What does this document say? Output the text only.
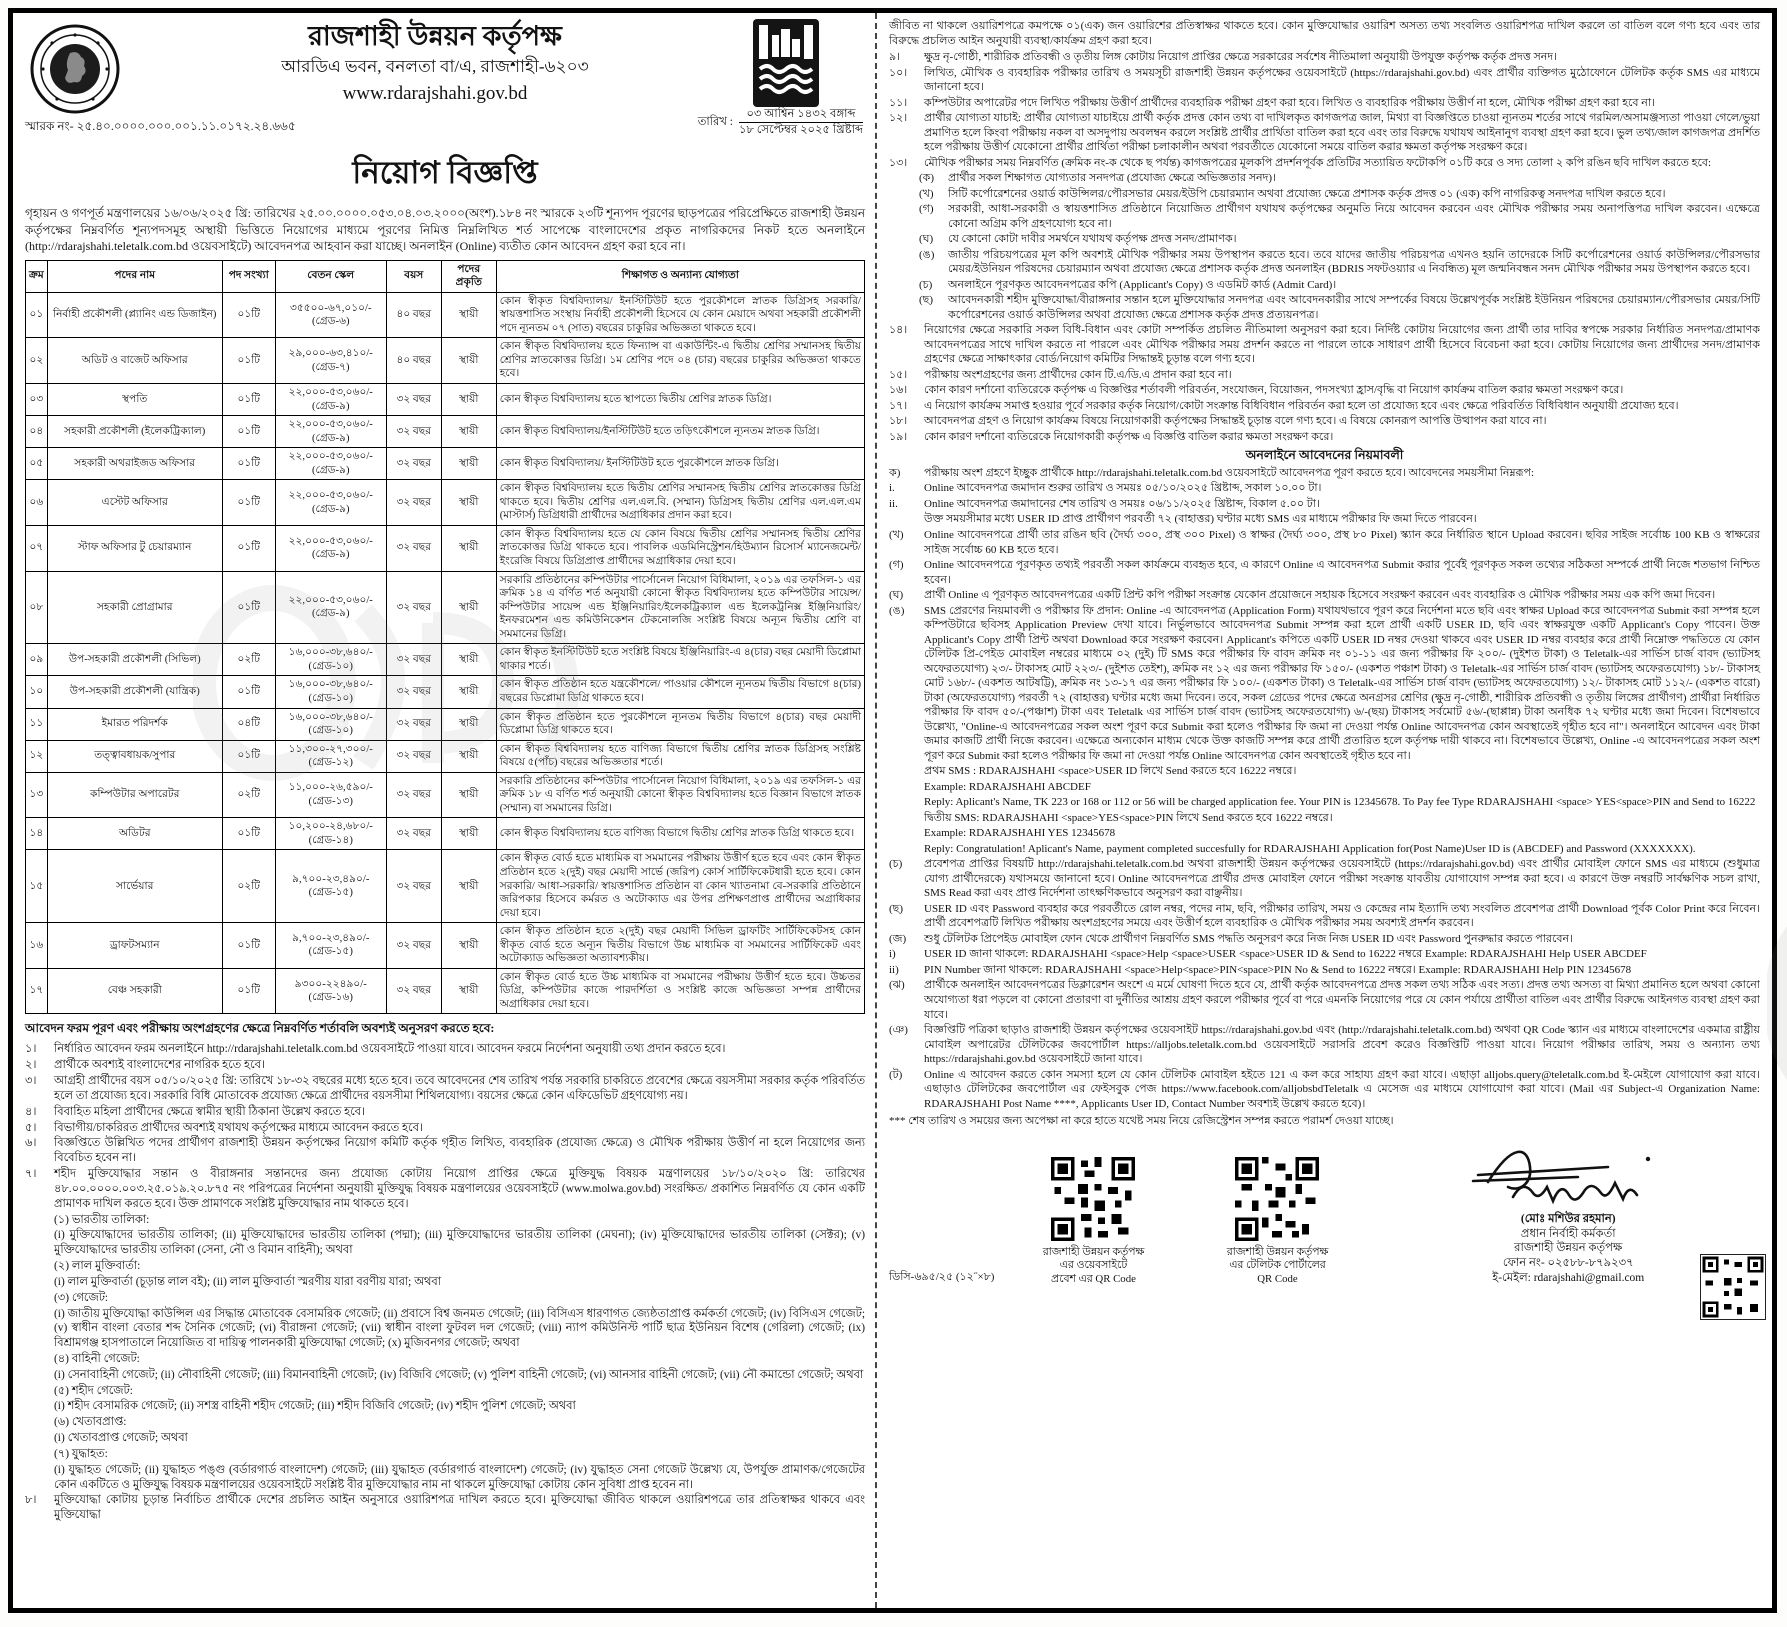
রাজশাহী উন্নয়ন কর্তৃপক্ষ
আরডিএ ভবন, বনলতা বা/এ, রাজশাহী-৬২০৩
www.rdarajshahi.gov.bd
স্মারক নং- ২৫.৪০.০০০০.০০০.০০১.১১.০১৭২.২৪.৬৬৫	তারিখ : $\frac{\text{০৩ আশ্বিন ১৪৩২ বঙ্গাব্দ}}{\text{১৮ সেপ্টেম্বর ২০২৫ খ্রিষ্টাব্দ}}$
নিয়োগ বিজ্ঞপ্তি
গৃহায়ন ও গণপূর্ত মন্ত্রণালয়ের ১৬/০৬/২০২৫ খ্রি: তারিখের ২৫.০০.০০০০.০৫৩.০৪.০৩.২০০০(অংশ).১৮৪ নং স্মারকে ২৩টি শূন্যপদ পূরণের ছাড়পত্রের পরিপ্রেক্ষিতে রাজশাহী উন্নয়ন কর্তৃপক্ষের নিম্নবর্ণিত শূন্যপদসমূহ অস্থায়ী ভিত্তিতে নিয়োগের মাধ্যমে পূরণের নিমিত্ত নিম্নলিখিত শর্ত সাপেক্ষে বাংলাদেশের প্রকৃত নাগরিকদের নিকট হতে অনলাইনে (http://rdarajshahi.teletalk.com.bd ওয়েবসাইটে) আবেদনপত্র আহবান করা যাচ্ছে। অনলাইন (Online) ব্যতীত কোন আবেদন গ্রহণ করা হবে না।
ক্রম	পদের নাম	পদ সংখ্যা	বেতন স্কেল	বয়স	পদের প্রকৃতি	শিক্ষাগত ও অন্যান্য যোগ্যতা
০১	নির্বাহী প্রকৌশলী (প্ল্যানিং এন্ড ডিজাইন)	০১টি	৩৫৫০০-৬৭,০১০/- (গ্রেড-৬)	৪০ বছর	স্থায়ী	কোন স্বীকৃত বিশ্ববিদ্যালয়/ ইনস্টিটিউট হতে পুরকৌশলে স্নাতক ডিগ্রিসহ সরকারি/ স্বায়ত্তশাসিত সংস্থায় নির্বাহী প্রকৌশলী হিসেবে যে কোন মেয়াদে অথবা সহকারী প্রকৌশলী পদে ন্যূনতম ০৭ (সাত) বছরের চাকুরির অভিজ্ঞতা থাকতে হবে।
০২	অডিট ও বাজেট অফিসার	০১টি	২৯,০০০-৬৩,৪১০/- (গ্রেড-৭)	৪০ বছর	স্থায়ী	কোন স্বীকৃত বিশ্ববিদ্যালয় হতে ফিন্যান্স বা একাউন্টিং-এ দ্বিতীয় শ্রেণির সম্মানসহ দ্বিতীয় শ্রেণির স্নাতকোত্তর ডিগ্রি। ১ম শ্রেণির পদে ০৪ (চার) বছরের চাকুরির অভিজ্ঞতা থাকতে হবে।
০৩	স্থপতি	০১টি	২২,০০০-৫৩,০৬০/- (গ্রেড-৯)	৩২ বছর	স্থায়ী	কোন স্বীকৃত বিশ্ববিদ্যালয় হতে স্থাপত্যে দ্বিতীয় শ্রেণির স্নাতক ডিগ্রি।
০৪	সহকারী প্রকৌশলী (ইলেকট্রিক্যাল)	০১টি	২২,০০০-৫৩,০৬০/- (গ্রেড-৯)	৩২ বছর	স্থায়ী	কোন স্বীকৃত বিশ্ববিদ্যালয়/ইনস্টিটিউট হতে তড়িৎকৌশলে ন্যূনতম স্নাতক ডিগ্রি।
০৫	সহকারী অথরাইজড অফিসার	০১টি	২২,০০০-৫৩,০৬০/- (গ্রেড-৯)	৩২ বছর	স্থায়ী	কোন স্বীকৃত বিশ্ববিদ্যালয়/ ইনস্টিটিউট হতে পুরকৌশলে স্নাতক ডিগ্রি।
০৬	এস্টেট অফিসার	০১টি	২২,০০০-৫৩,০৬০/- (গ্রেড-৯)	৩২ বছর	স্থায়ী	কোন স্বীকৃত বিশ্ববিদ্যালয় হতে দ্বিতীয় শ্রেণির সম্মানসহ দ্বিতীয় শ্রেণির স্নাতকোত্তর ডিগ্রি থাকতে হবে। দ্বিতীয় শ্রেণির এল.এল.বি. (সম্মান) ডিগ্রিসহ দ্বিতীয় শ্রেণির এল.এল.এম (মাস্টার্স) ডিগ্রিধারী প্রার্থীদের অগ্রাধিকার প্রদান করা হবে।
০৭	স্টাফ অফিসার টু চেয়ারম্যান	০১টি	২২,০০০-৫৩,০৬০/- (গ্রেড-৯)	৩২ বছর	স্থায়ী	কোন স্বীকৃত বিশ্ববিদ্যালয় হতে যে কোন বিষয়ে দ্বিতীয় শ্রেণির সম্মানসহ দ্বিতীয় শ্রেণির স্নাতকোত্তর ডিগ্রি থাকতে হবে। পাবলিক এডমিনিস্ট্রেশন/হিউম্যান রিসোর্স ম্যানেজমেন্ট/ইংরেজি বিষয়ে ডিগ্রিপ্রাপ্ত প্রার্থীদের অগ্রাধিকার দেয়া হবে।
০৮	সহকারী প্রোগ্রামার	০১টি	২২,০০০-৫৩,০৬০/- (গ্রেড-৯)	৩২ বছর	স্থায়ী	সরকারি প্রতিষ্ঠানের কম্পিউটার পার্সোনেল নিয়োগ বিধিমালা, ২০১৯ এর তফসিল-১ এর ক্রমিক ১৪ এ বর্ণিত শর্ত অনুযায়ী কোনো স্বীকৃত বিশ্ববিদ্যালয় হতে কম্পিউটার সায়েন্স/কম্পিউটার সায়েন্স এন্ড ইঞ্জিনিয়ারিং/ইলেকট্রিক্যাল এন্ড ইলেকট্রনিক্স ইঞ্জিনিয়ারিং/ ইনফরমেশন এন্ড কমিউনিকেশন টেকনোলজি সংশ্লিষ্ট বিষয়ে অন্যূন দ্বিতীয় শ্রেণি বা সমমানের ডিগ্রি।
০৯	উপ-সহকারী প্রকৌশলী (সিভিল)	০২টি	১৬,০০০-৩৮,৬৪০/- (গ্রেড-১০)	৩২ বছর	স্থায়ী	কোন স্বীকৃত ইনস্টিটিউট হতে সংশ্লিষ্ট বিষয়ে ইঞ্জিনিয়ারিং-এ ৪(চার) বছর মেয়াদী ডিপ্লোমা থাকার শর্তে।
১০	উপ-সহকারী প্রকৌশলী (যান্ত্রিক)	০১টি	১৬,০০০-৩৮,৬৪০/- (গ্রেড-১০)	৩২ বছর	স্থায়ী	কোন স্বীকৃত প্রতিষ্ঠান হতে যন্ত্রকৌশলে/ পাওয়ার কৌশলে ন্যূনতম দ্বিতীয় বিভাগে ৪(চার) বছরের ডিপ্লোমা ডিগ্রি থাকতে হবে।
১১	ইমারত পরিদর্শক	০৪টি	১৬,০০০-৩৮,৬৪০/- (গ্রেড-১০)	৩২ বছর	স্থায়ী	কোন স্বীকৃত প্রতিষ্ঠান হতে পুরকৌশলে ন্যূনতম দ্বিতীয় বিভাগে ৪(চার) বছর মেয়াদী ডিপ্লোমা ডিগ্রি থাকতে হবে।
১২	তত্ত্বাবধায়ক/সুপার	০১টি	১১,৩০০-২৭,৩০০/- (গ্রেড-১২)	৩২ বছর	স্থায়ী	কোন স্বীকৃত বিশ্ববিদ্যালয় হতে বাণিজ্য বিভাগে দ্বিতীয় শ্রেণির স্নাতক ডিগ্রিসহ সংশ্লিষ্ট বিষয়ে ৫(পাঁচ) বছরের অভিজ্ঞতার শর্তে।
১৩	কম্পিউটার অপারেটর	০২টি	১১,০০০-২৬,৫৯০/- (গ্রেড-১৩)	৩২ বছর	স্থায়ী	সরকারি প্রতিষ্ঠানের কম্পিউটার পার্সোনেল নিয়োগ বিধিমালা, ২০১৯ এর তফসিল-১ এর ক্রমিক ১৮ এ বর্ণিত শর্ত অনুযায়ী কোনো স্বীকৃত বিশ্ববিদ্যালয় হতে বিজ্ঞান বিভাগে স্নাতক (সম্মান) বা সমমানের ডিগ্রি।
১৪	অডিটর	০১টি	১০,২০০-২৪,৬৮০/- (গ্রেড-১৪)	৩২ বছর	স্থায়ী	কোন স্বীকৃত বিশ্ববিদ্যালয় হতে বাণিজ্য বিভাগে দ্বিতীয় শ্রেণির স্নাতক ডিগ্রি থাকতে হবে।
১৫	সার্ভেয়ার	০২টি	৯,৭০০-২৩,৪৯০/- (গ্রেড-১৫)	৩২ বছর	স্থায়ী	কোন স্বীকৃত বোর্ড হতে মাধ্যমিক বা সমমানের পরীক্ষায় উত্তীর্ণ হতে হবে এবং কোন স্বীকৃত প্রতিষ্ঠান হতে ২(দুই) বছর মেয়াদী সার্ভে (জরিপ) কোর্স সার্টিফিকেটধারী হতে হবে। কোন সরকারি/ আধা-সরকারি/ স্বায়ত্তশাসিত প্রতিষ্ঠান বা কোন খ্যাতনামা বে-সরকারি প্রতিষ্ঠানে জরিপকার হিসেবে কর্মরত ও অটোক্যাড এর উপর প্রশিক্ষণপ্রাপ্ত প্রার্থীদের অগ্রাধিকার দেয়া হবে।
১৬	ড্রাফটসম্যান	০১টি	৯,৭০০-২৩,৪৯০/- (গ্রেড-১৫)	৩২ বছর	স্থায়ী	কোন স্বীকৃত প্রতিষ্ঠান হতে ২(দুই) বছর মেয়াদী সিভিল ড্রাফটিং সার্টিফিকেটসহ কোন স্বীকৃত বোর্ড হতে অন্যূন দ্বিতীয় বিভাগে উচ্চ মাধ্যমিক বা সমমানের সার্টিফিকেট এবং অটোক্যাড অভিজ্ঞতা অত্যাবশ্যকীয়।
১৭	বেঞ্চ সহকারী	০১টি	৯৩০০-২২৪৯০/- (গ্রেড-১৬)	৩২ বছর	স্থায়ী	কোন স্বীকৃত বোর্ড হতে উচ্চ মাধ্যমিক বা সমমানের পরীক্ষায় উত্তীর্ণ হতে হবে। উচ্চতর ডিগ্রি, কম্পিউটার কাজে পারদর্শিতা ও সংশ্লিষ্ট কাজে অভিজ্ঞতা সম্পন্ন প্রার্থীদের অগ্রাধিকার দেয়া হবে।
আবেদন ফরম পূরণ এবং পরীক্ষায় অংশগ্রহণের ক্ষেত্রে নিম্নবর্ণিত শর্তাবলি অবশ্যই অনুসরণ করতে হবে:
১।	নির্ধারিত আবেদন ফরম অনলাইনে http://rdarajshahi.teletalk.com.bd ওয়েবসাইটে পাওয়া যাবে। আবেদন ফরমে নির্দেশনা অনুযায়ী তথ্য প্রদান করতে হবে।
২।	প্রার্থীকে অবশ্যই বাংলাদেশের নাগরিক হতে হবে।
৩।	আগ্রহী প্রার্থীদের বয়স ০৫/১০/২০২৫ খ্রি: তারিখে ১৮-৩২ বছরের মধ্যে হতে হবে। তবে আবেদনের শেষ তারিখ পর্যন্ত সরকারি চাকরিতে প্রবেশের ক্ষেত্রে বয়সসীমা সরকার কর্তৃক পরিবর্তিত হলে তা প্রযোজ্য হবে। সরকারি বিধি মোতাবেক প্রযোজ্য ক্ষেত্রে প্রার্থীদের বয়সসীমা শিথিলযোগ্য। বয়সের ক্ষেত্রে কোন এফিডেভিট গ্রহণযোগ্য নয়।
৪।	বিবাহিত মহিলা প্রার্থীদের ক্ষেত্রে স্বামীর স্থায়ী ঠিকানা উল্লেখ করতে হবে।
৫।	বিভাগীয়/চাকরিরত প্রার্থীদের অবশ্যই যথাযথ কর্তৃপক্ষের মাধ্যমে আবেদন করতে হবে।
৬।	বিজ্ঞপ্তিতে উল্লিখিত পদের প্রার্থীগণ রাজশাহী উন্নয়ন কর্তৃপক্ষের নিয়োগ কমিটি কর্তৃক গৃহীত লিখিত, ব্যবহারিক (প্রযোজ্য ক্ষেত্রে) ও মৌখিক পরীক্ষায় উত্তীর্ণ না হলে নিয়োগের জন্য বিবেচিত হবেন না।
৭।	শহীদ মুক্তিযোদ্ধার সন্তান ও বীরাঙ্গনার সন্তানদের জন্য প্রযোজ্য কোটায় নিয়োগ প্রাপ্তির ক্ষেত্রে মুক্তিযুদ্ধ বিষয়ক মন্ত্রণালয়ের ১৮/১০/২০২০ খ্রি: তারিখের ৪৮.০০.০০০০.০০৩.২৫.০১৯.২০.৮৭৫ নং পরিপত্রের নির্দেশনা অনুযায়ী মুক্তিযুদ্ধ বিষয়ক মন্ত্রণালয়ের ওয়েবসাইটে (www.molwa.gov.bd) সংরক্ষিত/ প্রকাশিত নিম্নবর্ণিত যে কোন একটি প্রামাণক দাখিল করতে হবে। উক্ত প্রামাণকে সংশ্লিষ্ট মুক্তিযোদ্ধার নাম থাকতে হবে।
(১) ভারতীয় তালিকা:
(i) মুক্তিযোদ্ধাদের ভারতীয় তালিকা; (ii) মুক্তিযোদ্ধাদের ভারতীয় তালিকা (পদ্মা); (iii) মুক্তিযোদ্ধাদের ভারতীয় তালিকা (মেঘনা); (iv) মুক্তিযোদ্ধাদের ভারতীয় তালিকা (সেক্টর); (v) মুক্তিযোদ্ধাদের ভারতীয় তালিকা (সেনা, নৌ ও বিমান বাহিনী); অথবা
(২) লাল মুক্তিবার্তা:
(i) লাল মুক্তিবার্তা (চূড়ান্ত লাল বই); (ii) লাল মুক্তিবার্তা স্মরণীয় যারা বরণীয় যারা; অথবা
(৩) গেজেট:
(i) জাতীয় মুক্তিযোদ্ধা কাউন্সিল এর সিদ্ধান্ত মোতাবেক বেসামরিক গেজেট; (ii) প্রবাসে বিশ্ব জনমত গেজেট; (iii) বিসিএস ধারণাগত জ্যেষ্ঠতাপ্রাপ্ত কর্মকর্তা গেজেট; (iv) বিসিএস গেজেট; (v) স্বাধীন বাংলা বেতার শব্দ সৈনিক গেজেট; (vi) বীরাঙ্গনা গেজেট; (vii) স্বাধীন বাংলা ফুটবল দল গেজেট; (viii) ন্যাপ কমিউনিস্ট পার্টি ছাত্র ইউনিয়ন বিশেষ (গেরিলা) গেজেট; (ix) বিশ্রামগঞ্জ হাসপাতালে নিয়োজিত বা দায়িত্ব পালনকারী মুক্তিযোদ্ধা গেজেট; (x) মুজিবনগর গেজেট; অথবা
(৪) বাহিনী গেজেট:
(i) সেনাবাহিনী গেজেট; (ii) নৌবাহিনী গেজেট; (iii) বিমানবাহিনী গেজেট; (iv) বিজিবি গেজেট; (v) পুলিশ বাহিনী গেজেট; (vi) আনসার বাহিনী গেজেট; (vii) নৌ কমান্ডো গেজেট; অথবা
(৫) শহীদ গেজেট:
(i) শহীদ বেসামরিক গেজেট; (ii) সশস্ত্র বাহিনী শহীদ গেজেট; (iii) শহীদ বিজিবি গেজেট; (iv) শহীদ পুলিশ গেজেট; অথবা
(৬) খেতাবপ্রাপ্ত:
(i) খেতাবপ্রাপ্ত গেজেট; অথবা
(৭) যুদ্ধাহত:
(i) যুদ্ধাহত গেজেট; (ii) যুদ্ধাহত পঙ্গু (বর্ডারগার্ড বাংলাদেশ) গেজেট; (iii) যুদ্ধাহত (বর্ডারগার্ড বাংলাদেশ) গেজেট; (iv) যুদ্ধাহত সেনা গেজেট উল্লেখ্য যে, উপর্যুক্ত প্রামাণক/গেজেটের কোন একটিতে ও মুক্তিযুদ্ধ বিষয়ক মন্ত্রণালয়ের ওয়েবসাইটে সংশ্লিষ্ট বীর মুক্তিযোদ্ধার নাম না থাকলে মুক্তিযোদ্ধা কোটায় কোন সুবিধা প্রাপ্ত হবেন না।
৮।	মুক্তিযোদ্ধা কোটায় চূড়ান্ত নির্বাচিত প্রার্থীকে দেশের প্রচলিত আইন অনুসারে ওয়ারিশপত্র দাখিল করতে হবে। মুক্তিযোদ্ধা জীবিত থাকলে ওয়ারিশপত্রে তার প্রতিস্বাক্ষর থাকবে এবং মুক্তিযোদ্ধা
জীবিত না থাকলে ওয়ারিশপত্রে কমপক্ষে ০১(এক) জন ওয়ারিশের প্রতিস্বাক্ষর থাকতে হবে। কোন মুক্তিযোদ্ধার ওয়ারিশ অসত্য তথ্য সংবলিত ওয়ারিশপত্র দাখিল করলে তা বাতিল বলে গণ্য হবে এবং তার বিরুদ্ধে প্রচলিত আইন অনুযায়ী ব্যবস্থা/কার্যক্রম গ্রহণ করা হবে।
৯।	ক্ষুদ্র নৃ-গোষ্ঠী, শারীরিক প্রতিবন্ধী ও তৃতীয় লিঙ্গ কোটায় নিয়োগ প্রাপ্তির ক্ষেত্রে সরকারের সর্বশেষ নীতিমালা অনুযায়ী উপযুক্ত কর্তৃপক্ষ কর্তৃক প্রদত্ত সনদ।
১০।	লিখিত, মৌখিক ও ব্যবহারিক পরীক্ষার তারিখ ও সময়সূচী রাজশাহী উন্নয়ন কর্তৃপক্ষের ওয়েবসাইটে (https://rdarajshahi.gov.bd) এবং প্রার্থীর ব্যক্তিগত মুঠোফোনে টেলিটক কর্তৃক SMS এর মাধ্যমে জানানো হবে।
১১।	কম্পিউটার অপারেটর পদে লিখিত পরীক্ষায় উত্তীর্ণ প্রার্থীদের ব্যবহারিক পরীক্ষা গ্রহণ করা হবে। লিখিত ও ব্যবহারিক পরীক্ষায় উত্তীর্ণ না হলে, মৌখিক পরীক্ষা গ্রহণ করা হবে না।
১২।	প্রার্থীর যোগ্যতা যাচাই: প্রার্থীর যোগ্যতা যাচাইয়ে প্রার্থী কর্তৃক প্রদত্ত কোন তথ্য বা দাখিলকৃত কাগজপত্র জাল, মিথ্যা বা বিজ্ঞপ্তিতে চাওয়া ন্যূনতম শর্তের সাথে গরমিল/অসামঞ্জস্যতা পাওয়া গেলে/ভুয়া প্রমাণিত হলে কিংবা পরীক্ষায় নকল বা অসদুপায় অবলম্বন করলে সংশ্লিষ্ট প্রার্থীর প্রার্থিতা বাতিল করা হবে এবং তার বিরুদ্ধে যথাযথ আইনানুগ ব্যবস্থা গ্রহণ করা হবে। ভুল তথ্য/জাল কাগজপত্র প্রদর্শিত হলে পরীক্ষায় উত্তীর্ণ যেকোনো প্রার্থীর প্রার্থিতা পরীক্ষা চলাকালীন অথবা পরবর্তীতে যেকোনো সময়ে বাতিল করার ক্ষমতা কর্তৃপক্ষ সংরক্ষণ করে।
১৩।	মৌখিক পরীক্ষার সময় নিম্নবর্ণিত (ক্রমিক নং-ক থেকে ছ পর্যন্ত) কাগজপত্রের মূলকপি প্রদর্শনপূর্বক প্রতিটির সত্যায়িত ফটোকপি ০১টি করে ও সদ্য তোলা ২ কপি রঙিন ছবি দাখিল করতে হবে:
(ক)	প্রার্থীর সকল শিক্ষাগত যোগ্যতার সনদপত্র (প্রযোজ্য ক্ষেত্রে অভিজ্ঞতার সনদ)।
(খ)	সিটি কর্পোরেশনের ওয়ার্ড কাউন্সিলর/পৌরসভার মেয়র/ইউপি চেয়ারম্যান অথবা প্রযোজ্য ক্ষেত্রে প্রশাসক কর্তৃক প্রদত্ত ০১ (এক) কপি নাগরিকত্ব সনদপত্র দাখিল করতে হবে।
(গ)	সরকারী, আধা-সরকারী ও স্বায়ত্তশাসিত প্রতিষ্ঠানে নিয়োজিত প্রার্থীগণ যথাযথ কর্তৃপক্ষের অনুমতি নিয়ে আবেদন করবেন এবং মৌখিক পরীক্ষার সময় অনাপত্তিপত্র দাখিল করবেন। এক্ষেত্রে কোনো অগ্রিম কপি গ্রহণযোগ্য হবে না।
(ঘ)	যে কোনো কোটা দাবীর সমর্থনে যথাযথ কর্তৃপক্ষ প্রদত্ত সনদ/প্রামাণক।
(ঙ)	জাতীয় পরিচয়পত্রের মূল কপি অবশ্যই মৌখিক পরীক্ষার সময় উপস্থাপন করতে হবে। তবে যাদের জাতীয় পরিচয়পত্র এখনও হয়নি তাদেরকে সিটি কর্পোরেশনের ওয়ার্ড কাউন্সিলর/পৌরসভার মেয়র/ইউনিয়ন পরিষদের চেয়ারম্যান অথবা প্রযোজ্য ক্ষেত্রে প্রশাসক কর্তৃক প্রদত্ত অনলাইন (BDRIS সফটওয়্যার এ নিবন্ধিত) মূল জন্মনিবন্ধন সনদ মৌখিক পরীক্ষার সময় উপস্থাপন করতে হবে।
(চ)	অনলাইনে পূরণকৃত আবেদনপত্রের কপি (Applicant's Copy) ও এডমিট কার্ড (Admit Card)।
(ছ)	আবেদনকারী শহীদ মুক্তিযোদ্ধা/বীরাঙ্গনার সন্তান হলে মুক্তিযোদ্ধার সনদপত্র এবং আবেদনকারীর সাথে সম্পর্কের বিষয়ে উল্লেখপূর্বক সংশ্লিষ্ট ইউনিয়ন পরিষদের চেয়ারম্যান/পৌরসভার মেয়র/সিটি কর্পোরেশনের ওয়ার্ড কাউন্সিলর অথবা প্রযোজ্য ক্ষেত্রে প্রশাসক কর্তৃক প্রদত্ত প্রত্যয়নপত্র।
১৪।	নিয়োগের ক্ষেত্রে সরকারি সকল বিধি-বিধান এবং কোটা সম্পর্কিত প্রচলিত নীতিমালা অনুসরণ করা হবে। নির্দিষ্ট কোটায় নিয়োগের জন্য প্রার্থী তার দাবির স্বপক্ষে সরকার নির্ধারিত সনদপত্র/প্রামাণক আবেদনপত্রের সাথে দাখিল করতে না পারলে এবং মৌখিক পরীক্ষার সময় প্রদর্শন করতে না পারলে তাকে সাধারণ প্রার্থী হিসেবে বিবেচনা করা হবে। কোটায় নিয়োগের জন্য প্রার্থীদের সনদ/প্রামাণক গ্রহণের ক্ষেত্রে সাক্ষাৎকার বোর্ড/নিয়োগ কমিটির সিদ্ধান্তই চূড়ান্ত বলে গণ্য হবে।
১৫।	পরীক্ষায় অংশগ্রহণের জন্য প্রার্থীদের কোন টি.এ/ডি.এ প্রদান করা হবে না।
১৬।	কোন কারণ দর্শানো ব্যতিরেকে কর্তৃপক্ষ এ বিজ্ঞপ্তির শর্তাবলী পরিবর্তন, সংযোজন, বিয়োজন, পদসংখ্যা হ্রাস/বৃদ্ধি বা নিয়োগ কার্যক্রম বাতিল করার ক্ষমতা সংরক্ষণ করে।
১৭।	এ নিয়োগ কার্যক্রম সমাপ্ত হওয়ার পূর্বে সরকার কর্তৃক নিয়োগ/কোটা সংক্রান্ত বিধিবিধান পরিবর্তন করা হলে তা প্রযোজ্য হবে এবং ক্ষেত্রে পরিবর্তিত বিধিবিধান অনুযায়ী প্রযোজ্য হবে।
১৮।	আবেদনপত্র গ্রহণ ও নিয়োগ কার্যক্রম বিষয়ে নিয়োগকারী কর্তৃপক্ষের সিদ্ধান্তই চূড়ান্ত বলে গণ্য হবে। এ বিষয়ে কোনরূপ আপত্তি উত্থাপন করা যাবে না।
১৯।	কোন কারণ দর্শানো ব্যতিরেকে নিয়োগকারী কর্তৃপক্ষ এ বিজ্ঞপ্তি বাতিল করার ক্ষমতা সংরক্ষণ করে।
অনলাইনে আবেদনের নিয়মাবলী
ক)	পরীক্ষায় অংশ গ্রহণে ইচ্ছুক প্রার্থীকে http://rdarajshahi.teletalk.com.bd ওয়েবসাইটে আবেদনপত্র পূরণ করতে হবে। আবেদনের সময়সীমা নিম্নরূপ:
i.	Online আবেদনপত্র জমাদান শুরুর তারিখ ও সময়ঃ ০৫/১০/২০২৫ খ্রিষ্টাব্দ, সকাল ১০.০০ টা।
ii.	Online আবেদনপত্র জমাদানের শেষ তারিখ ও সময়ঃ ০৬/১১/২০২৫ খ্রিষ্টাব্দ, বিকাল ৫.০০ টা।
উক্ত সময়সীমার মধ্যে USER ID প্রাপ্ত প্রার্থীগণ পরবর্তী ৭২ (বাহাত্তর) ঘণ্টার মধ্যে SMS এর মাধ্যমে পরীক্ষার ফি জমা দিতে পারবেন।
(খ)	Online আবেদনপত্রে প্রার্থী তার রঙিন ছবি (দৈর্ঘ্য ৩০০, প্রস্থ ৩০০ Pixel) ও স্বাক্ষর (দৈর্ঘ্য ৩০০, প্রস্থ ৮০ Pixel) স্ক্যান করে নির্ধারিত স্থানে Upload করবেন। ছবির সাইজ সর্বোচ্চ 100 KB ও স্বাক্ষরের সাইজ সর্বোচ্চ 60 KB হতে হবে।
(গ)	Online আবেদনপত্রে পূরণকৃত তথ্যই পরবর্তী সকল কার্যক্রমে ব্যবহৃত হবে, এ কারণে Online এ আবেদনপত্র Submit করার পূর্বেই পূরণকৃত সকল তথ্যের সঠিকতা সম্পর্কে প্রার্থী নিজে শতভাগ নিশ্চিত হবেন।
(ঘ)	প্রার্থী Online এ পূরণকৃত আবেদনপত্রের একটি প্রিন্ট কপি পরীক্ষা সংক্রান্ত যেকোন প্রয়োজনে সহায়ক হিসেবে সংরক্ষণ করবেন এবং ব্যবহারিক ও মৌখিক পরীক্ষার সময় এক কপি জমা দিবেন।
(ঙ)	SMS প্রেরণের নিয়মাবলী ও পরীক্ষার ফি প্রদান: Online -এ আবেদনপত্র (Application Form) যথাযথভাবে পূরণ করে নির্দেশনা মতে ছবি এবং স্বাক্ষর Upload করে আবেদনপত্র Submit করা সম্পন্ন হলে কম্পিউটারে ছবিসহ Application Preview দেখা যাবে। নির্ভুলভাবে আবেদনপত্র Submit সম্পন্ন করা হলে প্রার্থী একটি USER ID, ছবি এবং স্বাক্ষরযুক্ত একটি Applicant's Copy পাবেন। উক্ত Applicant's Copy প্রার্থী প্রিন্ট অথবা Download করে সংরক্ষণ করবেন। Applicant's কপিতে একটি USER ID নম্বর দেওয়া থাকবে এবং USER ID নম্বর ব্যবহার করে প্রার্থী নিম্নোক্ত পদ্ধতিতে যে কোন টেলিটক প্রি-পেইড মোবাইল নম্বরের মাধ্যমে ০২ (দুই) টি SMS করে পরীক্ষার ফি বাবদ ক্রমিক নং ০১-১১ এর জন্য পরীক্ষার ফি ২০০/- (দুইশত টাকা) ও Teletalk-এর সার্ভিস চার্জ বাবদ (ভ্যাটসহ অফেরতযোগ্য) ২৩/- টাকাসহ মোট ২২৩/- (দুইশত তেইশ), ক্রমিক নং ১২ এর জন্য পরীক্ষার ফি ১৫০/- (একশত পঞ্চাশ টাকা) ও Teletalk-এর সার্ভিস চার্জ বাবদ (ভ্যাটসহ অফেরতযোগ্য) ১৮/- টাকাসহ মোট ১৬৮/- (একশত আটষট্টি), ক্রমিক নং ১৩-১৭ এর জন্য পরীক্ষার ফি ১০০/- (একশত টাকা) ও Teletalk-এর সার্ভিস চার্জ বাবদ (ভ্যাটসহ অফেরতযোগ্য) ১২/- টাকাসহ মোট ১১২/- (একশত বারো) টাকা (অফেরতযোগ্য) পরবর্তী ৭২ (বাহাত্তর) ঘণ্টার মধ্যে জমা দিবেন। তবে, সকল গ্রেডের পদের ক্ষেত্রে অনগ্রসর শ্রেণির (ক্ষুদ্র নৃ-গোষ্ঠী, শারীরিক প্রতিবন্ধী ও তৃতীয় লিঙ্গের প্রার্থীগণ) প্রার্থীরা নির্ধারিত পরীক্ষার ফি বাবদ ৫০/-(পঞ্চাশ) টাকা এবং Teletalk এর সার্ভিস চার্জ বাবদ (ভ্যাটসহ অফেরতযোগ্য) ৬/-(ছয়) টাকাসহ সর্বমোট ৫৬/-(ছাপ্পান্ন) টাকা অনধিক ৭২ ঘণ্টার মধ্যে জমা দিবেন। বিশেষভাবে উল্লেখ্য, "Online-এ আবেদনপত্রের সকল অংশ পূরণ করে Submit করা হলেও পরীক্ষার ফি জমা না দেওয়া পর্যন্ত Online আবেদনপত্র কোন অবস্থাতেই গৃহীত হবে না"। অনলাইনে আবেদন এবং টাকা জমার কাজটি প্রার্থী নিজে করবেন। এক্ষেত্রে অন্যকোন মাধ্যম থেকে উক্ত কাজটি সম্পন্ন করে প্রার্থী প্রতারিত হলে কর্তৃপক্ষ দায়ী থাকবে না। বিশেষভাবে উল্লেখ্য, Online -এ আবেদনপত্রের সকল অংশ পূরণ করে Submit করা হলেও পরীক্ষার ফি জমা না দেওয়া পর্যন্ত Online আবেদনপত্র কোন অবস্থাতেই গৃহীত হবে না।
প্রথম SMS : RDARAJSHAHI <space>USER ID লিখে Send করতে হবে 16222 নম্বরে।
Example: RDARAJSHAHI ABCDEF
Reply: Aplicant's Name, TK 223 or 168 or 112 or 56 will be charged application fee. Your PIN is 12345678. To Pay fee Type RDARAJSHAHI <space> YES<space>PIN and Send to 16222
দ্বিতীয় SMS: RDARAJSHAHI <space>YES<space>PIN লিখে Send করতে হবে 16222 নম্বরে।
Example: RDARAJSHAHI YES 12345678
Reply: Congratulation! Aplicant's Name, payment completed succesfully for RDARAJSHAHI Application for(Post Name)User ID is (ABCDEF) and Password (XXXXXXX).
(চ)	প্রবেশপত্র প্রাপ্তির বিষয়টি http://rdarajshahi.teletalk.com.bd অথবা রাজশাহী উন্নয়ন কর্তৃপক্ষের ওয়েবসাইটে (https://rdarajshahi.gov.bd) এবং প্রার্থীর মোবাইল ফোনে SMS এর মাধ্যমে (শুধুমাত্র যোগ্য প্রার্থীদেরকে) যথাসময়ে জানানো হবে। Online আবেদনপত্রে প্রার্থীর প্রদত্ত মোবাইল ফোনে পরীক্ষা সংক্রান্ত যাবতীয় যোগাযোগ সম্পন্ন করা হবে। এ কারণে উক্ত নম্বরটি সার্বক্ষণিক সচল রাখা, SMS Read করা এবং প্রাপ্ত নির্দেশনা তাৎক্ষণিকভাবে অনুসরণ করা বাঞ্ছনীয়।
(ছ)	USER ID এবং Password ব্যবহার করে পরবর্তীতে রোল নম্বর, পদের নাম, ছবি, পরীক্ষার তারিখ, সময় ও কেন্দ্রের নাম ইত্যাদি তথ্য সংবলিত প্রবেশপত্র প্রার্থী Download পূর্বক Color Print করে নিবেন। প্রার্থী প্রবেশপত্রটি লিখিত পরীক্ষায় অংশগ্রহণের সময়ে এবং উত্তীর্ণ হলে ব্যবহারিক ও মৌখিক পরীক্ষার সময় অবশ্যই প্রদর্শন করবেন।
(জ)	শুধু টেলিটক প্রিপেইড মোবাইল ফোন থেকে প্রার্থীগণ নিম্নবর্ণিত SMS পদ্ধতি অনুসরণ করে নিজ নিজ USER ID এবং Password পুনরুদ্ধার করতে পারবেন।
i)	USER ID জানা থাকলে: RDARAJSHAHI <space>Help <space>USER <space>USER ID & Send to 16222 নম্বরে Example: RDARAJSHAHI Help USER ABCDEF
ii)	PIN Number জানা থাকলে: RDARAJSHAHI <space>Help<space>PIN<space>PIN No & Send to 16222 নম্বরে। Example: RDARAJSHAHI Help PIN 12345678
(ঝ)	প্রার্থীকে অনলাইন আবেদনপত্রের ডিক্লারেশন অংশে এ মর্মে ঘোষণা দিতে হবে যে, প্রার্থী কর্তৃক আবেদনপত্রে প্রদত্ত সকল তথ্য সঠিক এবং সত্য। প্রদত্ত তথ্য অসত্য বা মিথ্যা প্রমানিত হলে অথবা কোনো অযোগ্যতা ধরা পড়লে বা কোনো প্রতারণা বা দুর্নীতির আশ্রয় গ্রহণ করলে পরীক্ষার পূর্বে বা পরে এমনকি নিয়োগের পরে যে কোন পর্যায়ে প্রার্থীতা বাতিল এবং প্রার্থীর বিরুদ্ধে আইনগত ব্যবস্থা গ্রহণ করা যাবে।
(ঞ)	বিজ্ঞপ্তিটি পত্রিকা ছাড়াও রাজশাহী উন্নয়ন কর্তৃপক্ষের ওয়েবসাইট https://rdarajshahi.gov.bd এবং (http://rdarajshahi.teletalk.com.bd) অথবা QR Code স্ক্যান এর মাধ্যমে বাংলাদেশের একমাত্র রাষ্ট্রীয় মোবাইল অপারেটর টেলিটকের জবপোর্টাল https://alljobs.teletalk.com.bd ওয়েবসাইটে সরাসরি প্রবেশ করেও বিজ্ঞপ্তিটি পাওয়া যাবে। নিয়োগ পরীক্ষার তারিখ, সময় ও অন্যান্য তথ্য https://rdarajshahi.gov.bd ওয়েবসাইটে জানা যাবে।
(ট)	Online এ আবেদন করতে কোন সমস্যা হলে যে কোন টেলিটক মোবাইল হইতে 121 এ কল করে সাহায্য গ্রহণ করা যাবে। এছাড়া alljobs.query@teletalk.com.bd ই-মেইলে যোগাযোগ করা যাবে। এছাড়াও টেলিটকের জবপোর্টাল এর ফেইসবুক পেজ https://www.facebook.com/alljobsbdTeletalk এ মেসেজ এর মাধ্যমে যোগাযোগ করা যাবে। (Mail এর Subject-এ Organization Name: RDARAJSHAHI Post Name ****, Applicants User ID, Contact Number অবশ্যই উল্লেখ করতে হবে)।
*** শেষ তারিখ ও সময়ের জন্য অপেক্ষা না করে হাতে যথেষ্ট সময় নিয়ে রেজিস্ট্রেশন সম্পন্ন করতে পরামর্শ দেওয়া যাচ্ছে।
ডিসি-৬৯৫/২৫ (১২˝×৮)
রাজশাহী উন্নয়ন কর্তৃপক্ষ
এর ওয়েবসাইটে
প্রবেশ এর QR Code
রাজশাহী উন্নয়ন কর্তৃপক্ষ
এর টেলিটক পোর্টালের
QR Code
(মোঃ মশিউর রহমান)
প্রধান নির্বাহী কর্মকর্তা
রাজশাহী উন্নয়ন কর্তৃপক্ষ
ফোন নং- ০২৫৮৮-৮৭৯২৩৭
ই-মেইল: rdarajshahi@gmail.com
